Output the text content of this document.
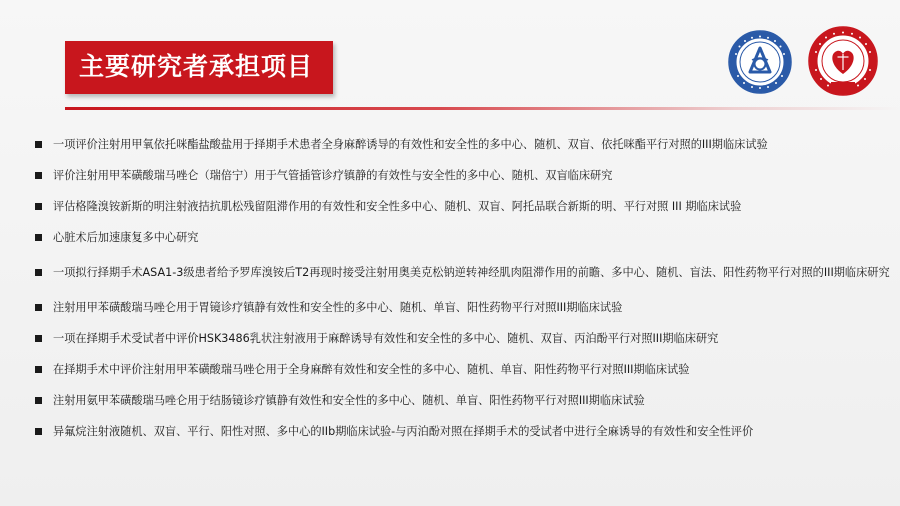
主要研究者承担项目
一项评价注射用甲氧依托咪酯盐酸盐用于择期手术患者全身麻醉诱导的有效性和安全性的多中心、随机、双盲、依托咪酯平行对照的III期临床试验
评价注射用甲苯磺酸瑞马唑仑（瑞倍宁）用于气管插管诊疗镇静的有效性与安全性的多中心、随机、双盲临床研究
评估格隆溴铵新斯的明注射液拮抗肌松残留阻滞作用的有效性和安全性多中心、随机、双盲、阿托品联合新斯的明、平行对照 III 期临床试验
心脏术后加速康复多中心研究
一项拟行择期手术ASA1-3级患者给予罗库溴铵后T2再现时接受注射用奥美克松钠逆转神经肌肉阻滞作用的前瞻、多中心、随机、盲法、阳性药物平行对照的III期临床研究
注射用甲苯磺酸瑞马唑仑用于胃镜诊疗镇静有效性和安全性的多中心、随机、单盲、阳性药物平行对照III期临床试验
一项在择期手术受试者中评价HSK3486乳状注射液用于麻醉诱导有效性和安全性的多中心、随机、双盲、丙泊酚平行对照III期临床研究
在择期手术中评价注射用甲苯磺酸瑞马唑仑用于全身麻醉有效性和安全性的多中心、随机、单盲、阳性药物平行对照III期临床试验
注射用氨甲苯磺酸瑞马唑仑用于结肠镜诊疗镇静有效性和安全性的多中心、随机、单盲、阳性药物平行对照III期临床试验
异氟烷注射液随机、双盲、平行、阳性对照、多中心的IIb期临床试验-与丙泊酚对照在择期手术的受试者中进行全麻诱导的有效性和安全性评价
